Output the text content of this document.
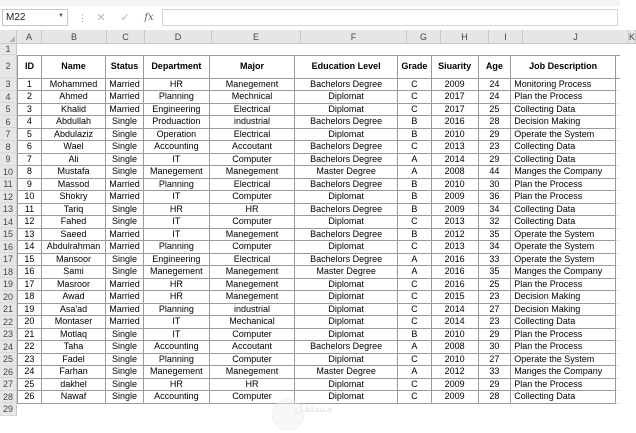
M22	▼ ⋮ ✕	✓	fx
A	B	C	D	E	F	G	H	I	J	K
1
2
3
4
5
6
7
8
9
10
11
12
13
14
15
16
17
18
19
20
21
22
23
24
25
26
27
28
29

ID	Name	Status	Department	Major	Education Level	Grade	Siuarity	Age	Job Description	
1	Mohammed	Married	HR	Manegement	Bachelors Degree	C	2009	24	Monitoring Process	
2	Ahmed	Married	Planning	Mechnical	Diplomat	C	2017	24	Plan the Process	
3	Khalid	Married	Engineering	Electrical	Diplomat	C	2017	25	Collecting Data	
4	Abdullah	Single	Produaction	industrial	Bachelors Degree	B	2016	28	Decision Making	
5	Abdulaziz	Single	Operation	Electrical	Diplomat	B	2010	29	Operate the System	
6	Wael	Single	Accounting	Accoutant	Bachelors Degree	C	2013	23	Collecting Data	
7	Ali	Single	IT	Computer	Bachelors Degree	A	2014	29	Collecting Data	
8	Mustafa	Single	Manegement	Manegement	Master Degree	A	2008	44	Manges the Company	
9	Massod	Married	Planning	Electrical	Bachelors Degree	B	2010	30	Plan the Process	
10	Shokry	Married	IT	Computer	Diplomat	B	2009	36	Plan the Process	
11	Tariq	Single	HR	HR	Bachelors Degree	B	2009	34	Collecting Data	
12	Fahed	Single	IT	Computer	Diplomat	C	2013	32	Collecting Data	
13	Saeed	Married	IT	Manegement	Bachelors Degree	B	2012	35	Operate the System	
14	Abdulrahman	Married	Planning	Computer	Diplomat	C	2013	34	Operate the System	
15	Mansoor	Single	Engineering	Electrical	Bachelors Degree	A	2016	33	Operate the System	
16	Sami	Single	Manegement	Manegement	Master Degree	A	2016	35	Manges the Company	
17	Masroor	Married	HR	Manegement	Diplomat	C	2016	25	Plan the Process	
18	Awad	Married	HR	Manegement	Diplomat	C	2015	23	Decision Making	
19	Asa'ad	Married	Planning	industrial	Diplomat	C	2014	27	Decision Making	
20	Montaser	Married	IT	Mechanical	Diplomat	C	2014	23	Collecting Data	
21	Motlaq	Single	IT	Computer	Diplomat	B	2010	29	Plan the Process	
22	Taha	Single	Accounting	Accoutant	Bachelors Degree	A	2008	30	Plan the Process	
23	Fadel	Single	Planning	Computer	Diplomat	C	2010	27	Operate the System	
24	Farhan	Single	Manegement	Manegement	Master Degree	A	2012	33	Manges the Company	
25	dakhel	Single	HR	HR	Diplomat	C	2009	29	Plan the Process	
26	Nawaf	Single	Accounting	Computer	Diplomat	C	2009	28	Collecting Data	
مستقل
